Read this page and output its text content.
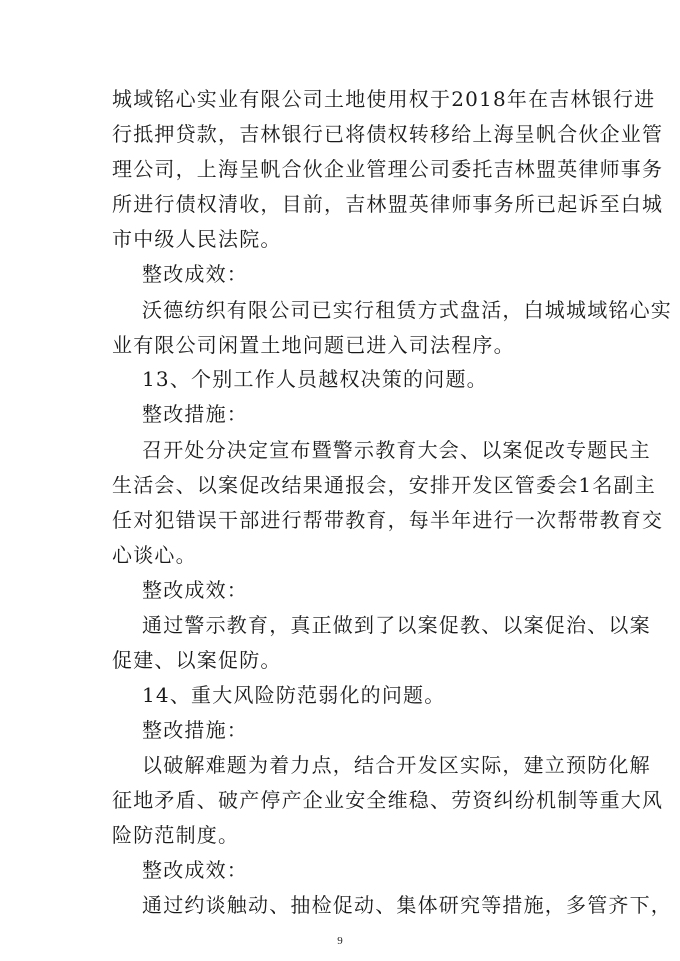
城域铭心实业有限公司土地使用权于2018年在吉林银行进
行抵押贷款，吉林银行已将债权转移给上海呈帆合伙企业管
理公司，上海呈帆合伙企业管理公司委托吉林盟英律师事务
所进行债权清收，目前，吉林盟英律师事务所已起诉至白城
市中级人民法院。
整改成效：
沃德纺织有限公司已实行租赁方式盘活，白城城域铭心实
业有限公司闲置土地问题已进入司法程序。
13、个别工作人员越权决策的问题。
整改措施：
召开处分决定宣布暨警示教育大会、以案促改专题民主
生活会、以案促改结果通报会，安排开发区管委会1名副主
任对犯错误干部进行帮带教育，每半年进行一次帮带教育交
心谈心。
整改成效：
通过警示教育，真正做到了以案促教、以案促治、以案
促建、以案促防。
14、重大风险防范弱化的问题。
整改措施：
以破解难题为着力点，结合开发区实际，建立预防化解
征地矛盾、破产停产企业安全维稳、劳资纠纷机制等重大风
险防范制度。
整改成效：
通过约谈触动、抽检促动、集体研究等措施，多管齐下，
9
